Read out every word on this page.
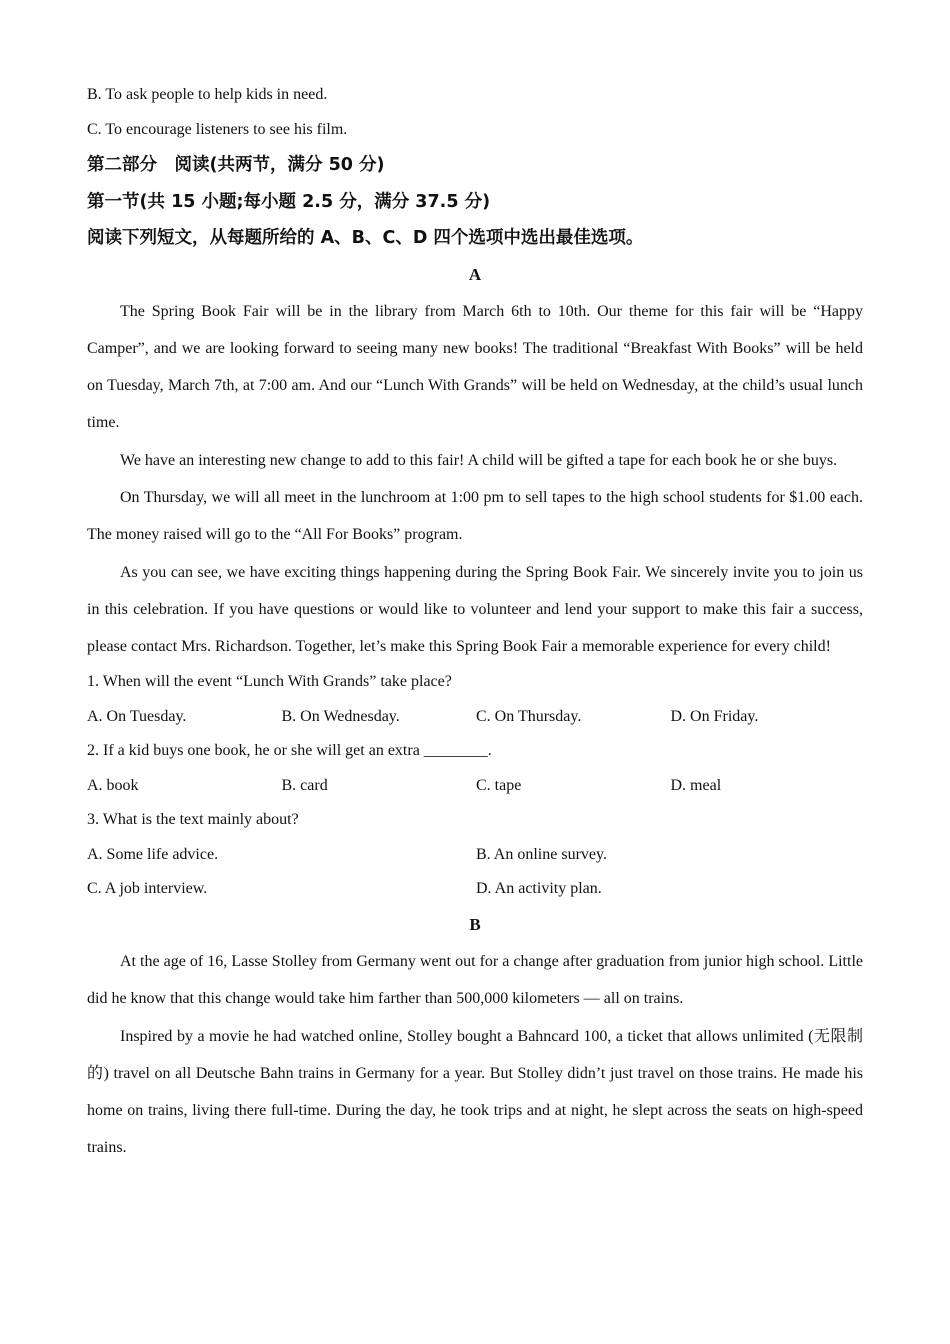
B. To ask people to help kids in need.
C. To encourage listeners to see his film.
第二部分　阅读(共两节，满分 50 分)
第一节(共 15 小题;每小题 2.5 分，满分 37.5 分)
阅读下列短文，从每题所给的 A、B、C、D 四个选项中选出最佳选项。
A
The Spring Book Fair will be in the library from March 6th to 10th. Our theme for this fair will be “Happy Camper”, and we are looking forward to seeing many new books! The traditional “Breakfast With Books” will be held on Tuesday, March 7th, at 7:00 am. And our “Lunch With Grands” will be held on Wednesday, at the child’s usual lunch time.
We have an interesting new change to add to this fair! A child will be gifted a tape for each book he or she buys.
On Thursday, we will all meet in the lunchroom at 1:00 pm to sell tapes to the high school students for $1.00 each. The money raised will go to the “All For Books” program.
As you can see, we have exciting things happening during the Spring Book Fair. We sincerely invite you to join us in this celebration. If you have questions or would like to volunteer and lend your support to make this fair a success, please contact Mrs. Richardson. Together, let’s make this Spring Book Fair a memorable experience for every child!
1. When will the event “Lunch With Grands” take place?
A. On Tuesday.	B. On Wednesday.	C. On Thursday.	D. On Friday.
2. If a kid buys one book, he or she will get an extra ________.
A. book	B. card	C. tape	D. meal
3. What is the text mainly about?
A. Some life advice.	B. An online survey.
C. A job interview.	D. An activity plan.
B
At the age of 16, Lasse Stolley from Germany went out for a change after graduation from junior high school. Little did he know that this change would take him farther than 500,000 kilometers — all on trains.
Inspired by a movie he had watched online, Stolley bought a Bahncard 100, a ticket that allows unlimited (无限制的) travel on all Deutsche Bahn trains in Germany for a year. But Stolley didn’t just travel on those trains. He made his home on trains, living there full-time. During the day, he took trips and at night, he slept across the seats on high-speed trains.
